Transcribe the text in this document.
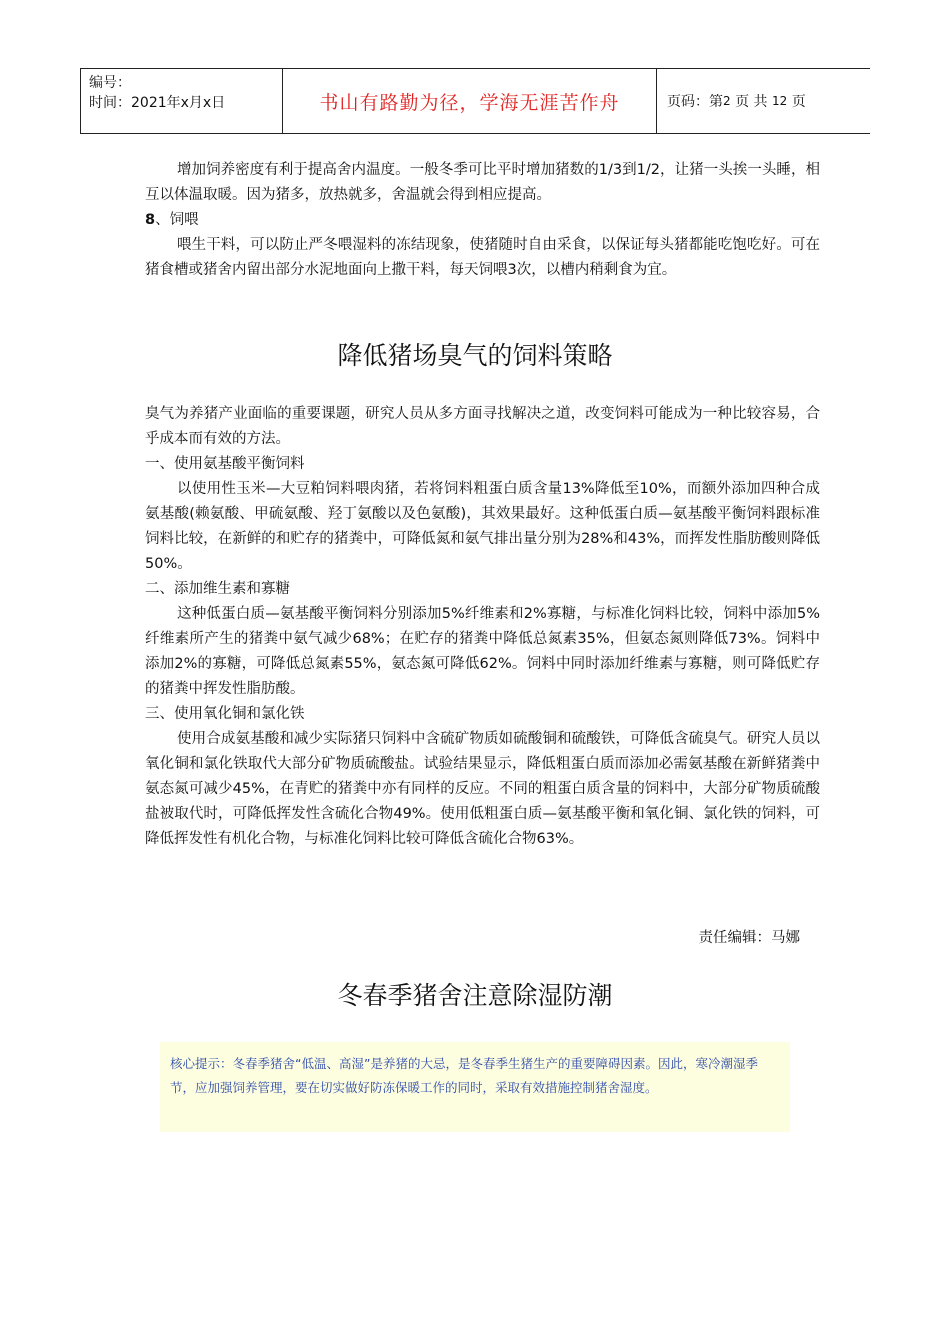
编号：
时间：2021年x月x日	书山有路勤为径，学海无涯苦作舟	页码：第 2
页 共
12
页

增加饲养密度有利于提高舍内温度。一般冬季可比平时增加猪数的1/3到1/2，让猪一头挨一头睡，相互以体温取暖。因为猪多，放热就多，舍温就会得到相应提高。

8、饲喂

喂生干料，可以防止严冬喂湿料的冻结现象，使猪随时自由采食，以保证每头猪都能吃饱吃好。可在猪食槽或猪舍内留出部分水泥地面向上撒干料，每天饲喂3次，以槽内稍剩食为宜。

降低猪场臭气的饲料策略

臭气为养猪产业面临的重要课题，研究人员从多方面寻找解决之道，改变饲料可能成为一种比较容易，合乎成本而有效的方法。

一、使用氨基酸平衡饲料

以使用性玉米—大豆粕饲料喂肉猪，若将饲料粗蛋白质含量13%降低至10%，而额外添加四种合成氨基酸(赖氨酸、甲硫氨酸、羟丁氨酸以及色氨酸)，其效果最好。这种低蛋白质—氨基酸平衡饲料跟标准饲料比较，在新鲜的和贮存的猪粪中，可降低氮和氨气排出量分别为28%和43%，而挥发性脂肪酸则降低50%。

二、添加维生素和寡糖

这种低蛋白质—氨基酸平衡饲料分别添加5%纤维素和2%寡糖，与标准化饲料比较，饲料中添加5%纤维素所产生的猪粪中氨气减少68%；在贮存的猪粪中降低总氮素35%，但氨态氮则降低73%。饲料中添加2%的寡糖，可降低总氮素55%，氨态氮可降低62%。饲料中同时添加纤维素与寡糖，则可降低贮存的猪粪中挥发性脂肪酸。

三、使用氧化铜和氯化铁

使用合成氨基酸和减少实际猪只饲料中含硫矿物质如硫酸铜和硫酸铁，可降低含硫臭气。研究人员以氧化铜和氯化铁取代大部分矿物质硫酸盐。试验结果显示，降低粗蛋白质而添加必需氨基酸在新鲜猪粪中氨态氮可减少45%，在青贮的猪粪中亦有同样的反应。不同的粗蛋白质含量的饲料中，大部分矿物质硫酸盐被取代时，可降低挥发性含硫化合物49%。使用低粗蛋白质—氨基酸平衡和氧化铜、氯化铁的饲料，可降低挥发性有机化合物，与标准化饲料比较可降低含硫化合物63%。

责任编辑：马娜
冬春季猪舍注意除湿防潮
核心提示：冬春季猪舍“低温、高湿”是养猪的大忌，是冬春季生猪生产的重要障碍因素。因此，寒冷潮湿季节，应加强饲养管理，要在切实做好防冻保暖工作的同时，采取有效措施控制猪舍湿度。
